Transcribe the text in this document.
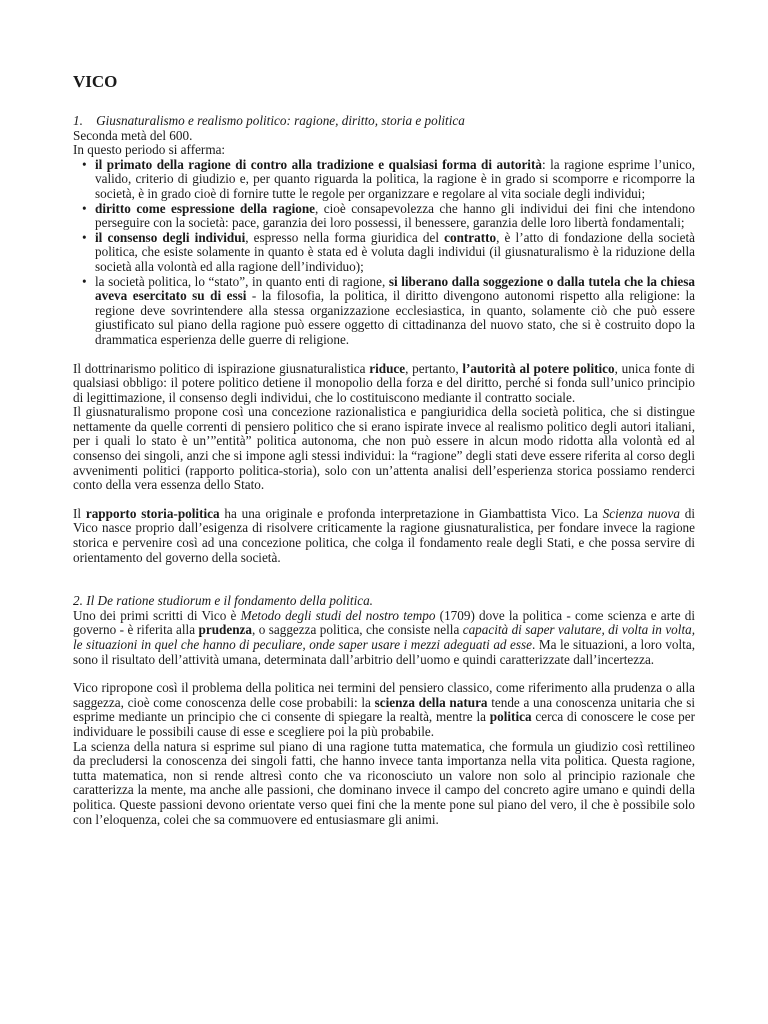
VICO
1.    Giusnaturalismo e realismo politico: ragione, diritto, storia e politica

Seconda metà del 600.

In questo periodo si afferma:

• il primato della ragione di contro alla tradizione e qualsiasi forma di autorità: la ragione esprime l’unico, valido, criterio di giudizio e, per quanto riguarda la politica, la ragione è in grado si scomporre e ricomporre la società, è in grado cioè di fornire tutte le regole per organizzare e regolare al vita sociale degli individui;
• diritto come espressione della ragione, cioè consapevolezza che hanno gli individui dei fini che intendono perseguire con la società: pace, garanzia dei loro possessi, il benessere, garanzia delle loro libertà fondamentali;
• il consenso degli individui, espresso nella forma giuridica del contratto, è l’atto di fondazione della società politica, che esiste solamente in quanto è stata ed è voluta dagli individui (il giusnaturalismo è la riduzione della società alla volontà ed alla ragione dell’individuo);
• la società politica, lo “stato”, in quanto enti di ragione, si liberano dalla soggezione o dalla tutela che la chiesa aveva esercitato su di essi - la filosofia, la politica, il diritto divengono autonomi rispetto alla religione: la regione deve sovrintendere alla stessa organizzazione ecclesiastica, in quanto, solamente ciò che può essere giustificato sul piano della ragione può essere oggetto di cittadinanza del nuovo stato, che si è costruito dopo la drammatica esperienza delle guerre di religione.

Il dottrinarismo politico di ispirazione giusnaturalistica riduce, pertanto, l’autorità al potere politico, unica fonte di qualsiasi obbligo: il potere politico detiene il monopolio della forza e del diritto, perché si fonda sull’unico principio di legittimazione, il consenso degli individui, che lo costituiscono mediante il contratto sociale.

Il giusnaturalismo propone così una concezione razionalistica e pangiuridica della società politica, che si distingue nettamente da quelle correnti di pensiero politico che si erano ispirate invece al realismo politico degli autori italiani, per i quali lo stato è un’”entità” politica autonoma, che non può essere in alcun modo ridotta alla volontà ed al consenso dei singoli, anzi che si impone agli stessi individui: la “ragione” degli stati deve essere riferita al corso degli avvenimenti politici (rapporto politica-storia), solo con un’attenta analisi dell’esperienza storica possiamo renderci conto della vera essenza dello Stato.

Il rapporto storia-politica ha una originale e profonda interpretazione in Giambattista Vico. La Scienza nuova di Vico nasce proprio dall’esigenza di risolvere criticamente la ragione giusnaturalistica, per fondare invece la ragione storica e pervenire così ad una concezione politica, che colga il fondamento reale degli Stati, e che possa servire di orientamento del governo della società.

2. Il De ratione studiorum e il fondamento della politica.

Uno dei primi scritti di Vico è Metodo degli studi del nostro tempo (1709) dove la politica - come scienza e arte di governo - è riferita alla prudenza, o saggezza politica, che consiste nella capacità di saper valutare, di volta in volta, le situazioni in quel che hanno di peculiare, onde saper usare i mezzi adeguati ad esse. Ma le situazioni, a loro volta, sono il risultato dell’attività umana, determinata dall’arbitrio dell’uomo e quindi caratterizzate dall’incertezza.

Vico ripropone così il problema della politica nei termini del pensiero classico, come riferimento alla prudenza o alla saggezza, cioè come conoscenza delle cose probabili: la scienza della natura tende a una conoscenza unitaria che si esprime mediante un principio che ci consente di spiegare la realtà, mentre la politica cerca di conoscere le cose per individuare le possibili cause di esse e scegliere poi la più probabile.

La scienza della natura si esprime sul piano di una ragione tutta matematica, che formula un giudizio così rettilineo da precludersi la conoscenza dei singoli fatti, che hanno invece tanta importanza nella vita politica. Questa ragione, tutta matematica, non si rende altresì conto che va riconosciuto un valore non solo al principio razionale che caratterizza la mente, ma anche alle passioni, che dominano invece il campo del concreto agire umano e quindi della politica. Queste passioni devono orientate verso quei fini che la mente pone sul piano del vero, il che è possibile solo con l’eloquenza, colei che sa commuovere ed entusiasmare gli animi.
